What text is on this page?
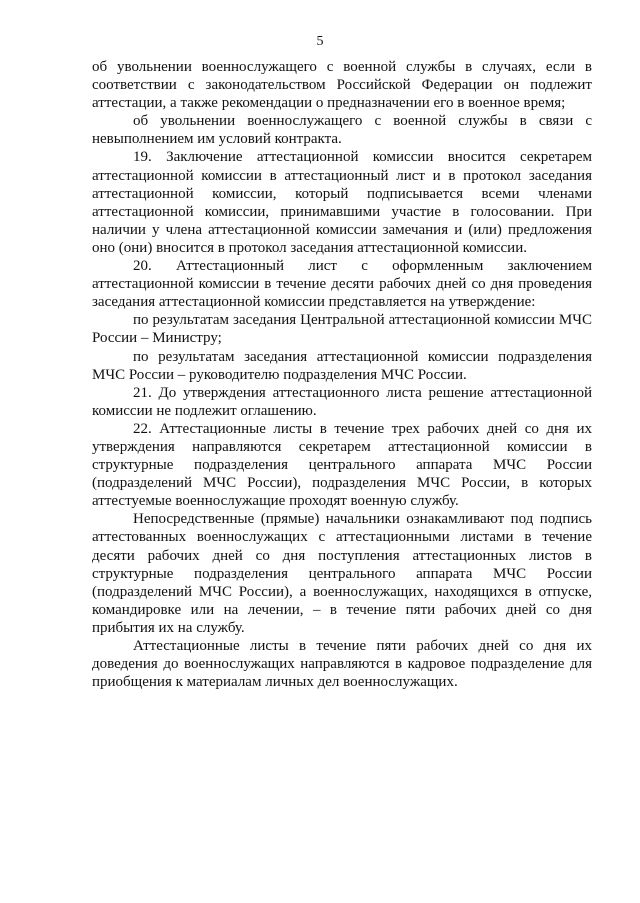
5

об увольнении военнослужащего с военной службы в случаях, если в соответствии с законодательством Российской Федерации он подлежит аттестации, а также рекомендации о предназначении его в военное время;

об увольнении военнослужащего с военной службы в связи с невыполнением им условий контракта.

19. Заключение аттестационной комиссии вносится секретарем аттестационной комиссии в аттестационный лист и в протокол заседания аттестационной комиссии, который подписывается всеми членами аттестационной комиссии, принимавшими участие в голосовании. При наличии у члена аттестационной комиссии замечания и (или) предложения оно (они) вносится в протокол заседания аттестационной комиссии.

20. Аттестационный лист с оформленным заключением аттестационной комиссии в течение десяти рабочих дней со дня проведения заседания аттестационной комиссии представляется на утверждение:

по результатам заседания Центральной аттестационной комиссии МЧС России – Министру;

по результатам заседания аттестационной комиссии подразделения МЧС России – руководителю подразделения МЧС России.

21. До утверждения аттестационного листа решение аттестационной комиссии не подлежит оглашению.

22. Аттестационные листы в течение трех рабочих дней со дня их утверждения направляются секретарем аттестационной комиссии в структурные подразделения центрального аппарата МЧС России (подразделений МЧС России), подразделения МЧС России, в которых аттестуемые военнослужащие проходят военную службу.

Непосредственные (прямые) начальники ознакамливают под подпись аттестованных военнослужащих с аттестационными листами в течение десяти рабочих дней со дня поступления аттестационных листов в структурные подразделения центрального аппарата МЧС России (подразделений МЧС России), а военнослужащих, находящихся в отпуске, командировке или на лечении, – в течение пяти рабочих дней со дня прибытия их на службу.

Аттестационные листы в течение пяти рабочих дней со дня их доведения до военнослужащих направляются в кадровое подразделение для приобщения к материалам личных дел военнослужащих.
